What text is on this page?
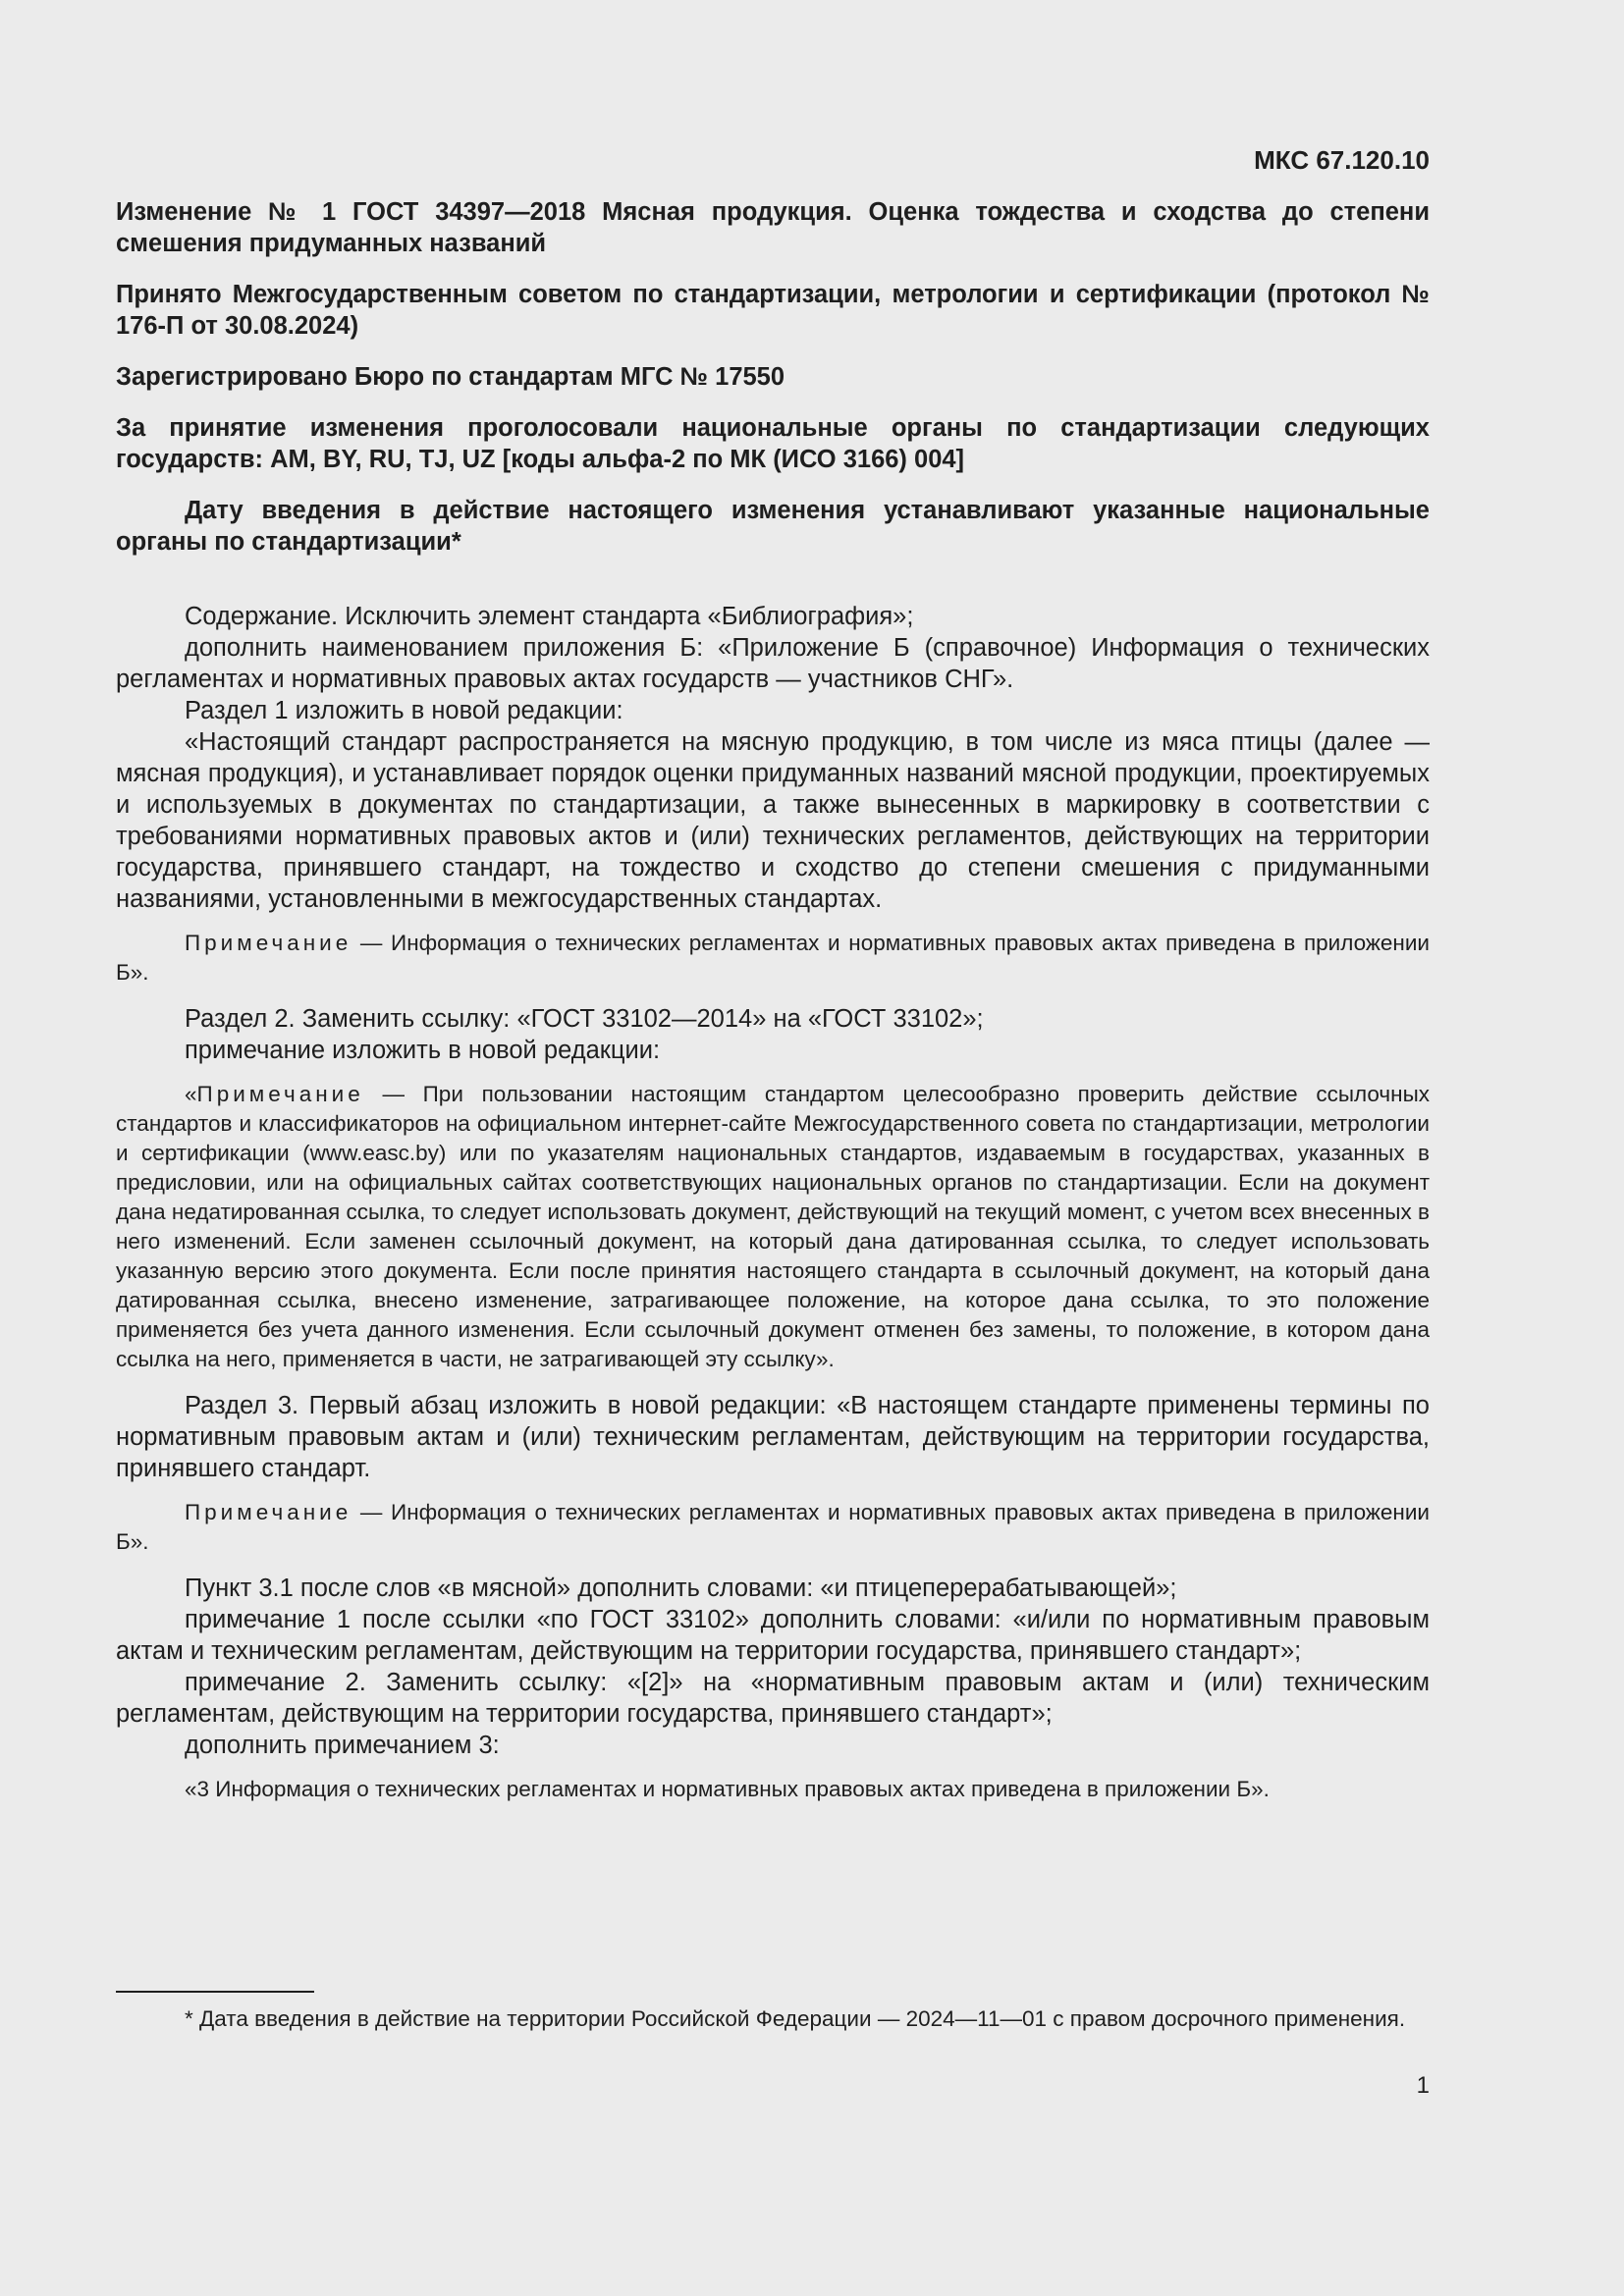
МКС 67.120.10
Изменение № 1 ГОСТ 34397—2018 Мясная продукция. Оценка тождества и сходства до степени смешения придуманных названий
Принято Межгосударственным советом по стандартизации, метрологии и сертификации (протокол № 176-П от 30.08.2024)
Зарегистрировано Бюро по стандартам МГС № 17550
За принятие изменения проголосовали национальные органы по стандартизации следующих государств: AM, BY, RU, TJ, UZ [коды альфа-2 по МК (ИСО 3166) 004]
Дату введения в действие настоящего изменения устанавливают указанные национальные органы по стандартизации*

Содержание. Исключить элемент стандарта «Библиография»;

дополнить наименованием приложения Б: «Приложение Б (справочное) Информация о технических регламентах и нормативных правовых актах государств — участников СНГ».

Раздел 1 изложить в новой редакции:

«Настоящий стандарт распространяется на мясную продукцию, в том числе из мяса птицы (далее — мясная продукция), и устанавливает порядок оценки придуманных названий мясной продукции, проектируемых и используемых в документах по стандартизации, а также вынесенных в маркировку в соответствии с требованиями нормативных правовых актов и (или) технических регламентов, действующих на территории государства, принявшего стандарт, на тождество и сходство до степени смешения с придуманными названиями, установленными в межгосударственных стандартах.

Примечание — Информация о технических регламентах и нормативных правовых актах приведена в приложении Б».

Раздел 2. Заменить ссылку: «ГОСТ 33102—2014» на «ГОСТ 33102»;

примечание изложить в новой редакции:

«Примечание — При пользовании настоящим стандартом целесообразно проверить действие ссылочных стандартов и классификаторов на официальном интернет-сайте Межгосударственного совета по стандартизации, метрологии и сертификации (www.easc.by) или по указателям национальных стандартов, издаваемым в государствах, указанных в предисловии, или на официальных сайтах соответствующих национальных органов по стандартизации. Если на документ дана недатированная ссылка, то следует использовать документ, действующий на текущий момент, с учетом всех внесенных в него изменений. Если заменен ссылочный документ, на который дана датированная ссылка, то следует использовать указанную версию этого документа. Если после принятия настоящего стандарта в ссылочный документ, на который дана датированная ссылка, внесено изменение, затрагивающее положение, на которое дана ссылка, то это положение применяется без учета данного изменения. Если ссылочный документ отменен без замены, то положение, в котором дана ссылка на него, применяется в части, не затрагивающей эту ссылку».

Раздел 3. Первый абзац изложить в новой редакции: «В настоящем стандарте применены термины по нормативным правовым актам и (или) техническим регламентам, действующим на территории государства, принявшего стандарт.

Примечание — Информация о технических регламентах и нормативных правовых актах приведена в приложении Б».

Пункт 3.1 после слов «в мясной» дополнить словами: «и птицеперерабатывающей»;

примечание 1 после ссылки «по ГОСТ 33102» дополнить словами: «и/или по нормативным правовым актам и техническим регламентам, действующим на территории государства, принявшего стандарт»;

примечание 2. Заменить ссылку: «[2]» на «нормативным правовым актам и (или) техническим регламентам, действующим на территории государства, принявшего стандарт»;

дополнить примечанием 3:

«3 Информация о технических регламентах и нормативных правовых актах приведена в приложении Б».

* Дата введения в действие на территории Российской Федерации — 2024—11—01 с правом досрочного применения.

1
